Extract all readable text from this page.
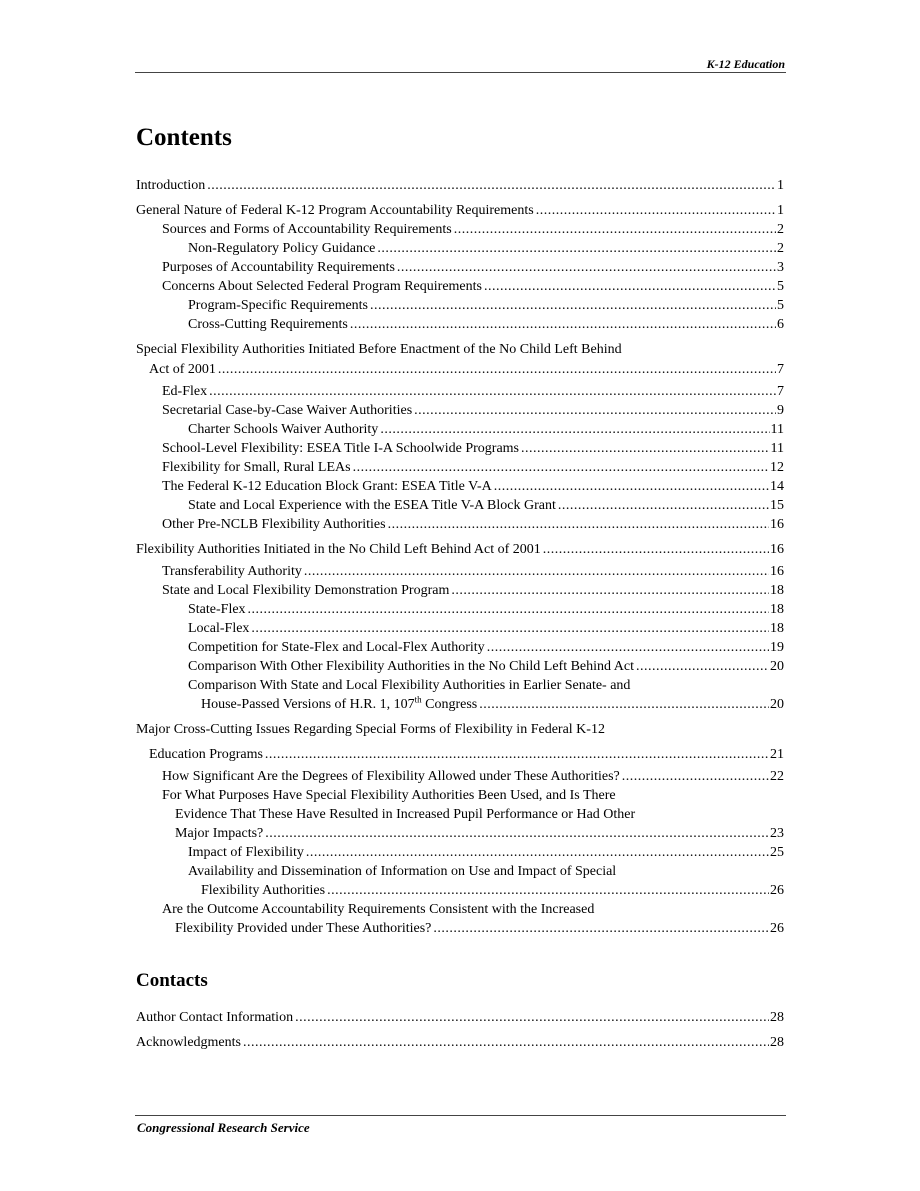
K-12 Education
Contents
Introduction .....	1
General Nature of Federal K-12 Program Accountability Requirements .....	1
Sources and Forms of Accountability Requirements .....	2
Non-Regulatory Policy Guidance .....	2
Purposes of Accountability Requirements .....	3
Concerns About Selected Federal Program Requirements .....	5
Program-Specific Requirements .....	5
Cross-Cutting Requirements .....	6
Special Flexibility Authorities Initiated Before Enactment of the No Child Left Behind
Act of 2001 .....	7
Ed-Flex .....	7
Secretarial Case-by-Case Waiver Authorities .....	9
Charter Schools Waiver Authority .....	11
School-Level Flexibility: ESEA Title I-A Schoolwide Programs .....	11
Flexibility for Small, Rural LEAs .....	12
The Federal K-12 Education Block Grant: ESEA Title V-A .....	14
State and Local Experience with the ESEA Title V-A Block Grant .....	15
Other Pre-NCLB Flexibility Authorities .....	16
Flexibility Authorities Initiated in the No Child Left Behind Act of 2001 .....	16
Transferability Authority .....	16
State and Local Flexibility Demonstration Program .....	18
State-Flex .....	18
Local-Flex .....	18
Competition for State-Flex and Local-Flex Authority .....	19
Comparison With Other Flexibility Authorities in the No Child Left Behind Act .....	20
Comparison With State and Local Flexibility Authorities in Earlier Senate- and
House-Passed Versions of H.R. 1, 107th Congress .....	20
Major Cross-Cutting Issues Regarding Special Forms of Flexibility in Federal K-12
Education Programs .....	21
How Significant Are the Degrees of Flexibility Allowed under These Authorities? .....	22
For What Purposes Have Special Flexibility Authorities Been Used, and Is There
Evidence That These Have Resulted in Increased Pupil Performance or Had Other
Major Impacts? .....	23
Impact of Flexibility .....	25
Availability and Dissemination of Information on Use and Impact of Special
Flexibility Authorities .....	26
Are the Outcome Accountability Requirements Consistent with the Increased
Flexibility Provided under These Authorities? .....	26
Contacts
Author Contact Information .....	28
Acknowledgments .....	28
Congressional Research Service
